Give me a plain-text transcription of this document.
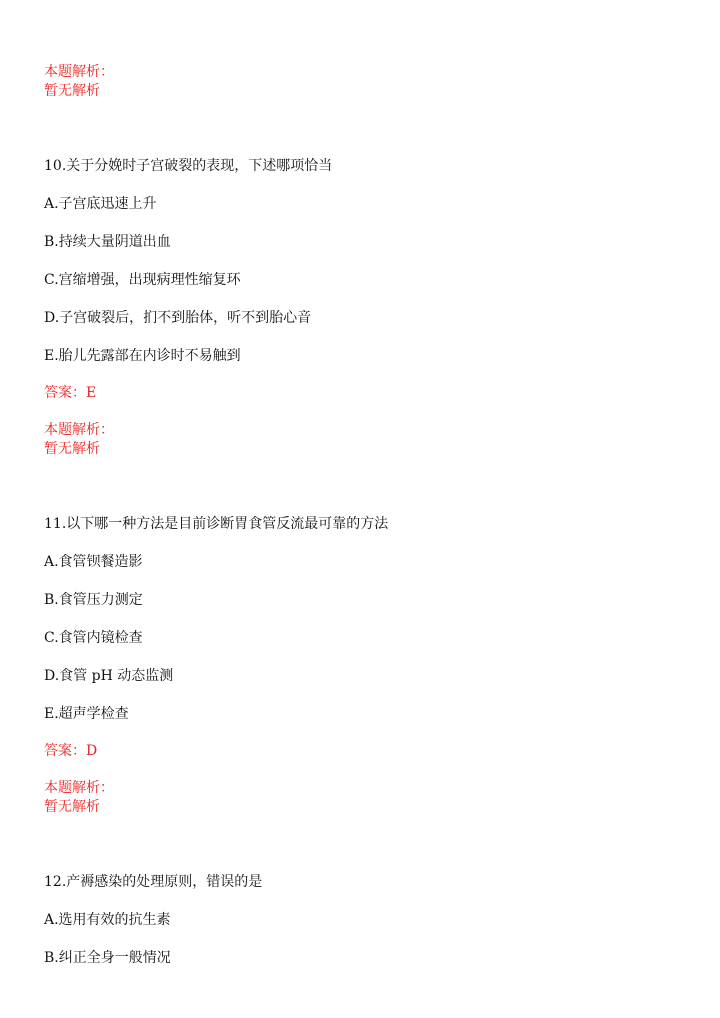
本题解析：
暂无解析
10.关于分娩时子宫破裂的表现，下述哪项恰当
A.子宫底迅速上升
B.持续大量阴道出血
C.宫缩增强，出现病理性缩复环
D.子宫破裂后，扪不到胎体，听不到胎心音
E.胎儿先露部在内诊时不易触到
答案：E
本题解析：
暂无解析
11.以下哪一种方法是目前诊断胃食管反流最可靠的方法
A.食管钡餐造影
B.食管压力测定
C.食管内镜检查
D.食管 pH 动态监测
E.超声学检查
答案：D
本题解析：
暂无解析
12.产褥感染的处理原则，错误的是
A.选用有效的抗生素
B.纠正全身一般情况
